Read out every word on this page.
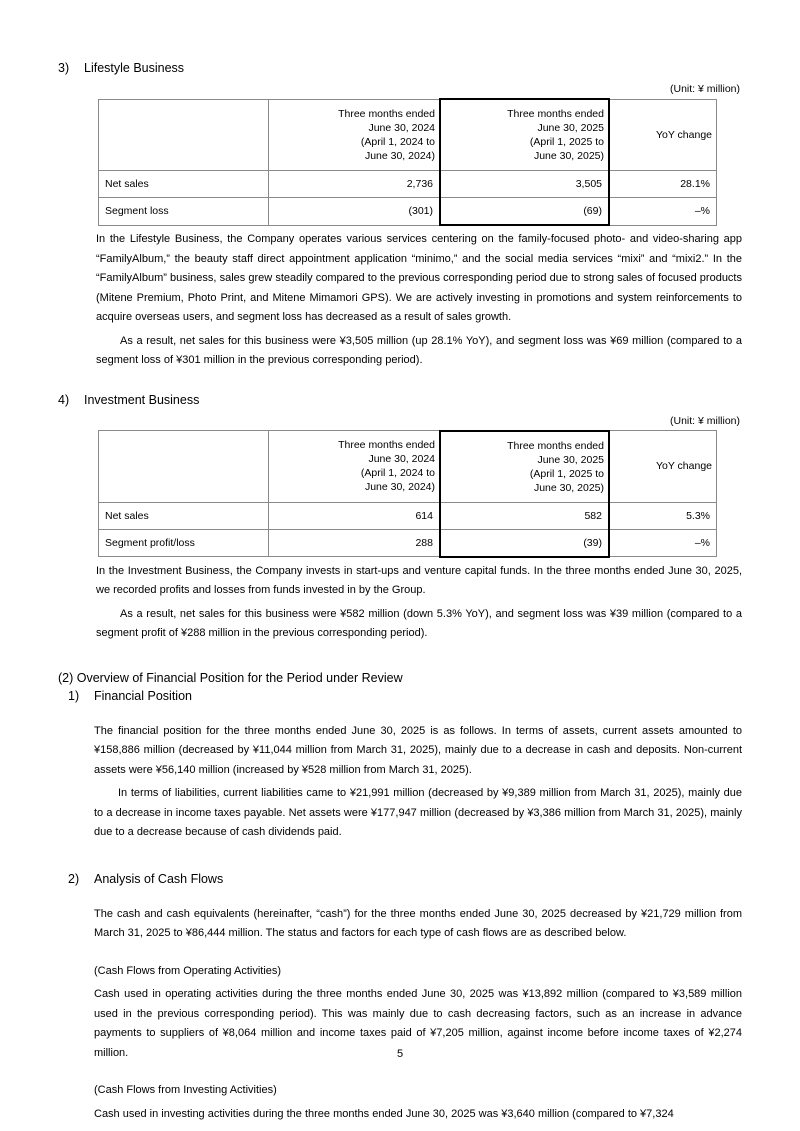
3)	Lifestyle Business
(Unit: ¥ million)

Three months ended
June 30, 2024
(April 1, 2024 to
June 30, 2024)

Three months ended
June 30, 2025
(April 1, 2025 to
June 30, 2025)
	YoY change
Net sales	2,736	3,505	28.1%
Segment loss	(301)	(69)	–%

In the Lifestyle Business, the Company operates various services centering on the family-focused photo- and video-sharing app “FamilyAlbum,” the beauty staff direct appointment application “minimo,” and the social media services “mixi” and “mixi2.” In the “FamilyAlbum” business, sales grew steadily compared to the previous corresponding period due to strong sales of focused products (Mitene Premium, Photo Print, and Mitene Mimamori GPS). We are actively investing in promotions and system reinforcements to acquire overseas users, and segment loss has decreased as a result of sales growth.

As a result, net sales for this business were ¥3,505 million (up 28.1% YoY), and segment loss was ¥69 million (compared to a segment loss of ¥301 million in the previous corresponding period).

4)	Investment Business
(Unit: ¥ million)

Three months ended
June 30, 2024
(April 1, 2024 to
June 30, 2024)

Three months ended
June 30, 2025
(April 1, 2025 to
June 30, 2025)
	YoY change
Net sales	614	582	5.3%
Segment profit/loss	288	(39)	–%

In the Investment Business, the Company invests in start-ups and venture capital funds. In the three months ended June 30, 2025, we recorded profits and losses from funds invested in by the Group.

As a result, net sales for this business were ¥582 million (down 5.3% YoY), and segment loss was ¥39 million (compared to a segment profit of ¥288 million in the previous corresponding period).

(2) Overview of Financial Position for the Period under Review
1)	Financial Position

The financial position for the three months ended June 30, 2025 is as follows. In terms of assets, current assets amounted to ¥158,886 million (decreased by ¥11,044 million from March 31, 2025), mainly due to a decrease in cash and deposits. Non-current assets were ¥56,140 million (increased by ¥528 million from March 31, 2025).

In terms of liabilities, current liabilities came to ¥21,991 million (decreased by ¥9,389 million from March 31, 2025), mainly due to a decrease in income taxes payable. Net assets were ¥177,947 million (decreased by ¥3,386 million from March 31, 2025), mainly due to a decrease because of cash dividends paid.

2)	Analysis of Cash Flows

The cash and cash equivalents (hereinafter, “cash”) for the three months ended June 30, 2025 decreased by ¥21,729 million from March 31, 2025 to ¥86,444 million. The status and factors for each type of cash flows are as described below.

(Cash Flows from Operating Activities)

Cash used in operating activities during the three months ended June 30, 2025 was ¥13,892 million (compared to ¥3,589 million used in the previous corresponding period). This was mainly due to cash decreasing factors, such as an increase in advance payments to suppliers of ¥8,064 million and income taxes paid of ¥7,205 million, against income before income taxes of ¥2,274 million.

(Cash Flows from Investing Activities)

Cash used in investing activities during the three months ended June 30, 2025 was ¥3,640 million (compared to ¥7,324

5
